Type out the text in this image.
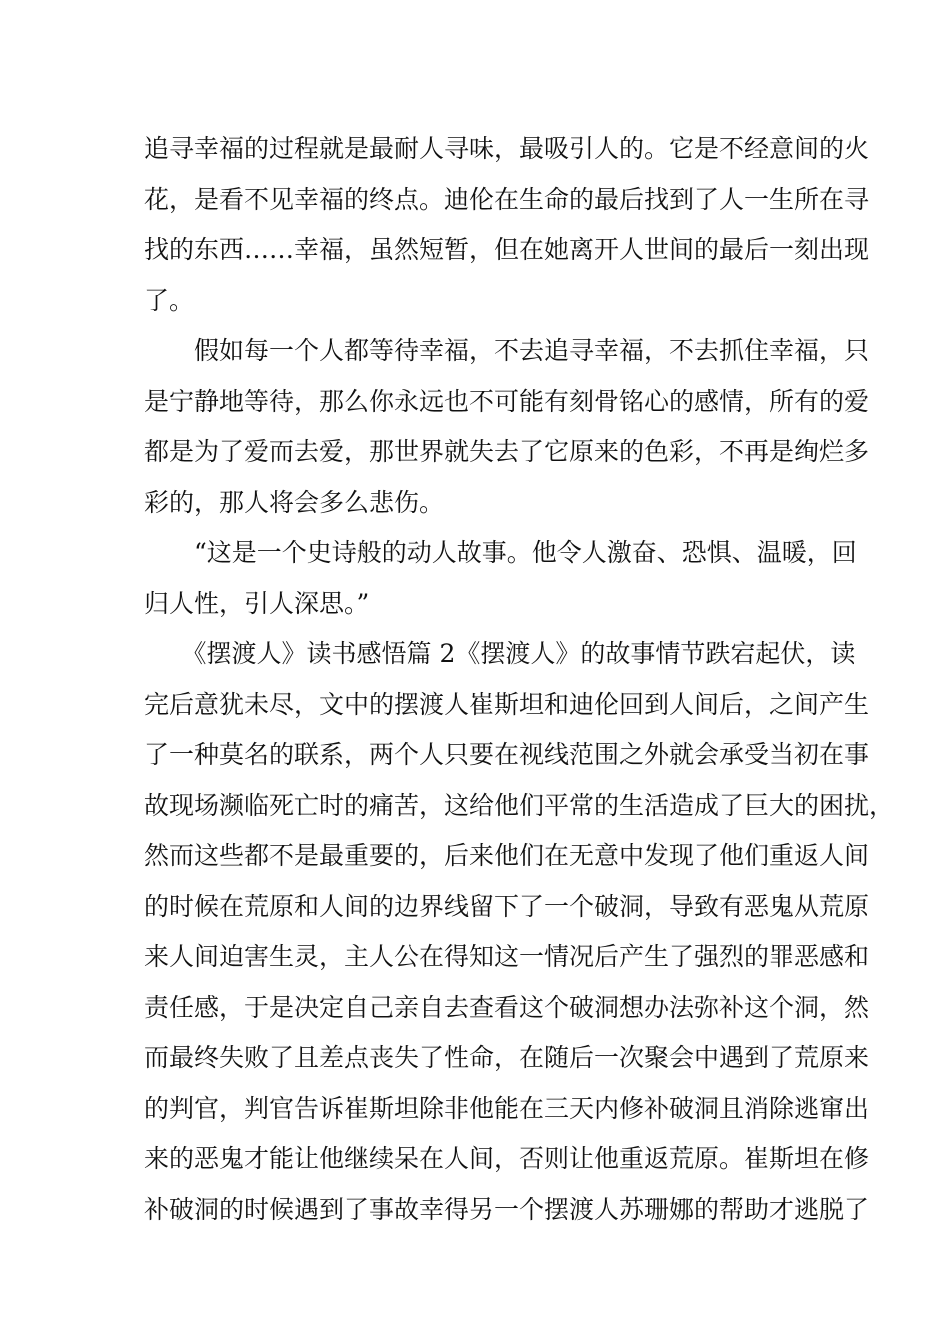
追寻幸福的过程就是最耐人寻味，最吸引人的。它是不经意间的火
花，是看不见幸福的终点。迪伦在生命的最后找到了人一生所在寻
找的东西……幸福，虽然短暂，但在她离开人世间的最后一刻出现
了。

　　假如每一个人都等待幸福，不去追寻幸福，不去抓住幸福，只
是宁静地等待，那么你永远也不可能有刻骨铭心的感情，所有的爱
都是为了爱而去爱，那世界就失去了它原来的色彩，不再是绚烂多
彩的，那人将会多么悲伤。

　　“这是一个史诗般的动人故事。他令人激奋、恐惧、温暖，回
归人性，引人深思。”

　　《摆渡人》读书感悟篇 2《摆渡人》的故事情节跌宕起伏，读
完后意犹未尽，文中的摆渡人崔斯坦和迪伦回到人间后，之间产生
了一种莫名的联系，两个人只要在视线范围之外就会承受当初在事
故现场濒临死亡时的痛苦，这给他们平常的生活造成了巨大的困扰，
然而这些都不是最重要的，后来他们在无意中发现了他们重返人间
的时候在荒原和人间的边界线留下了一个破洞，导致有恶鬼从荒原
来人间迫害生灵，主人公在得知这一情况后产生了强烈的罪恶感和
责任感，于是决定自己亲自去查看这个破洞想办法弥补这个洞，然
而最终失败了且差点丧失了性命，在随后一次聚会中遇到了荒原来
的判官，判官告诉崔斯坦除非他能在三天内修补破洞且消除逃窜出
来的恶鬼才能让他继续呆在人间，否则让他重返荒原。崔斯坦在修
补破洞的时候遇到了事故幸得另一个摆渡人苏珊娜的帮助才逃脱了
